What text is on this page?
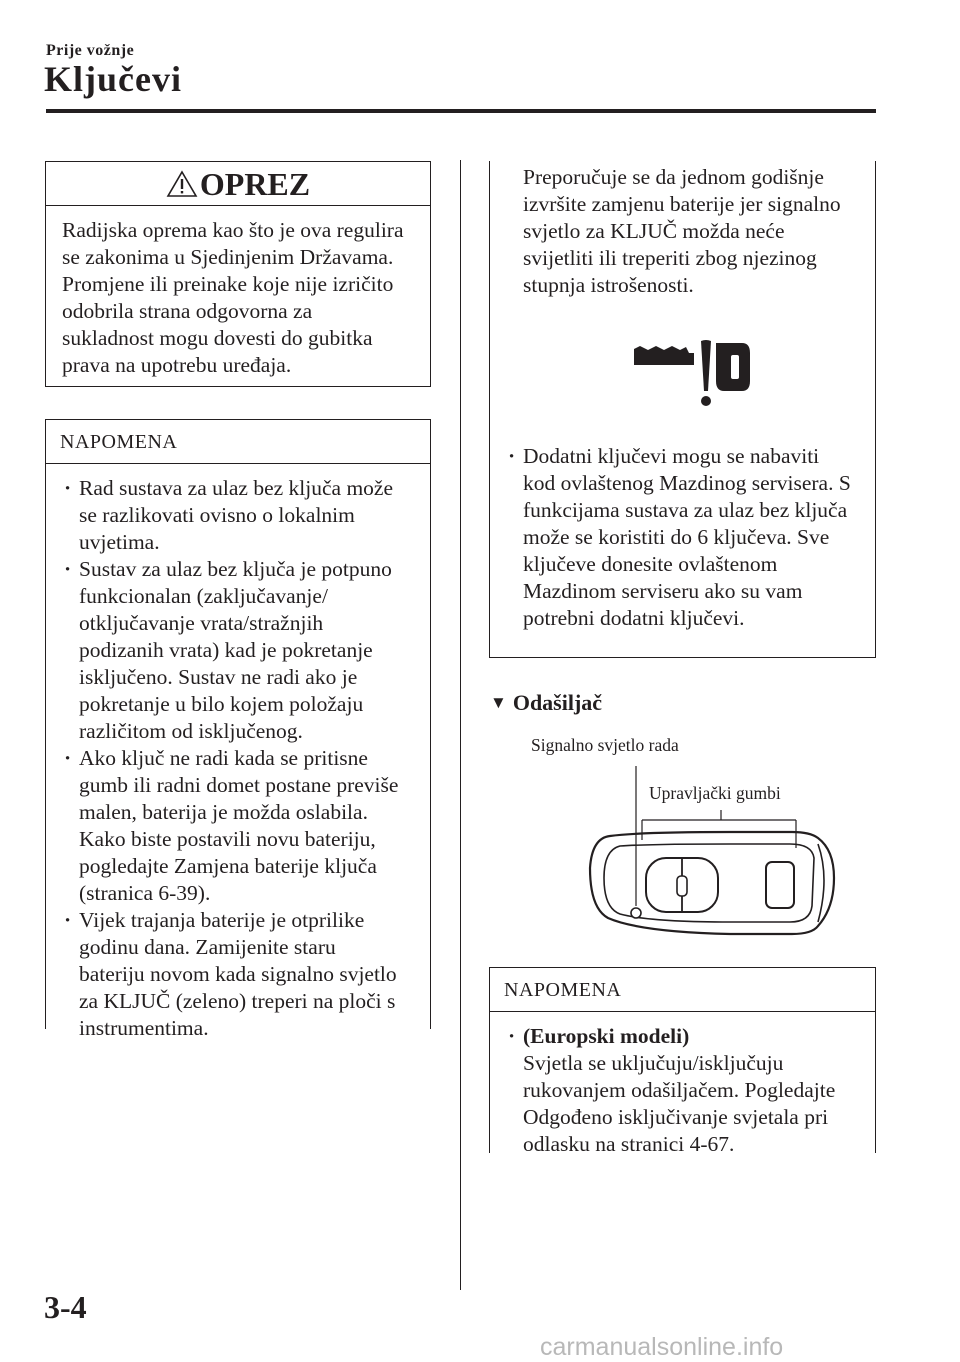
Prije vožnje
Ključevi
OPREZ
Radijska oprema kao što je ova regulira
se zakonima u Sjedinjenim Državama.
Promjene ili preinake koje nije izričito
odobrila strana odgovorna za
sukladnost mogu dovesti do gubitka
prava na upotrebu uređaja.
NAPOMENA
· Rad sustava za ulaz bez ključa može
se razlikovati ovisno o lokalnim
uvjetima.
· Sustav za ulaz bez ključa je potpuno
funkcionalan (zaključavanje/
otključavanje vrata/stražnjih
podizanih vrata) kad je pokretanje
isključeno. Sustav ne radi ako je
pokretanje u bilo kojem položaju
različitom od isključenog.
· Ako ključ ne radi kada se pritisne
gumb ili radni domet postane previše
malen, baterija je možda oslabila.
Kako biste postavili novu bateriju,
pogledajte Zamjena baterije ključa
(stranica 6-39).
· Vijek trajanja baterije je otprilike
godinu dana. Zamijenite staru
bateriju novom kada signalno svjetlo
za KLJUČ (zeleno) treperi na ploči s
instrumentima.
Preporučuje se da jednom godišnje
izvršite zamjenu baterije jer signalno
svjetlo za KLJUČ možda neće
svijetliti ili treperiti zbog njezinog
stupnja istrošenosti.
· Dodatni ključevi mogu se nabaviti
kod ovlaštenog Mazdinog servisera. S
funkcijama sustava za ulaz bez ključa
može se koristiti do 6 ključeva. Sve
ključeve donesite ovlaštenom
Mazdinom serviseru ako su vam
potrebni dodatni ključevi.
▼ Odašiljač
Signalno svjetlo rada
Upravljački gumbi
NAPOMENA
· (Europski modeli)
Svjetla se uključuju/isključuju
rukovanjem odašiljačem. Pogledajte
Odgođeno isključivanje svjetala pri
odlasku na stranici 4-67.
3-4
carmanualsonline.info
